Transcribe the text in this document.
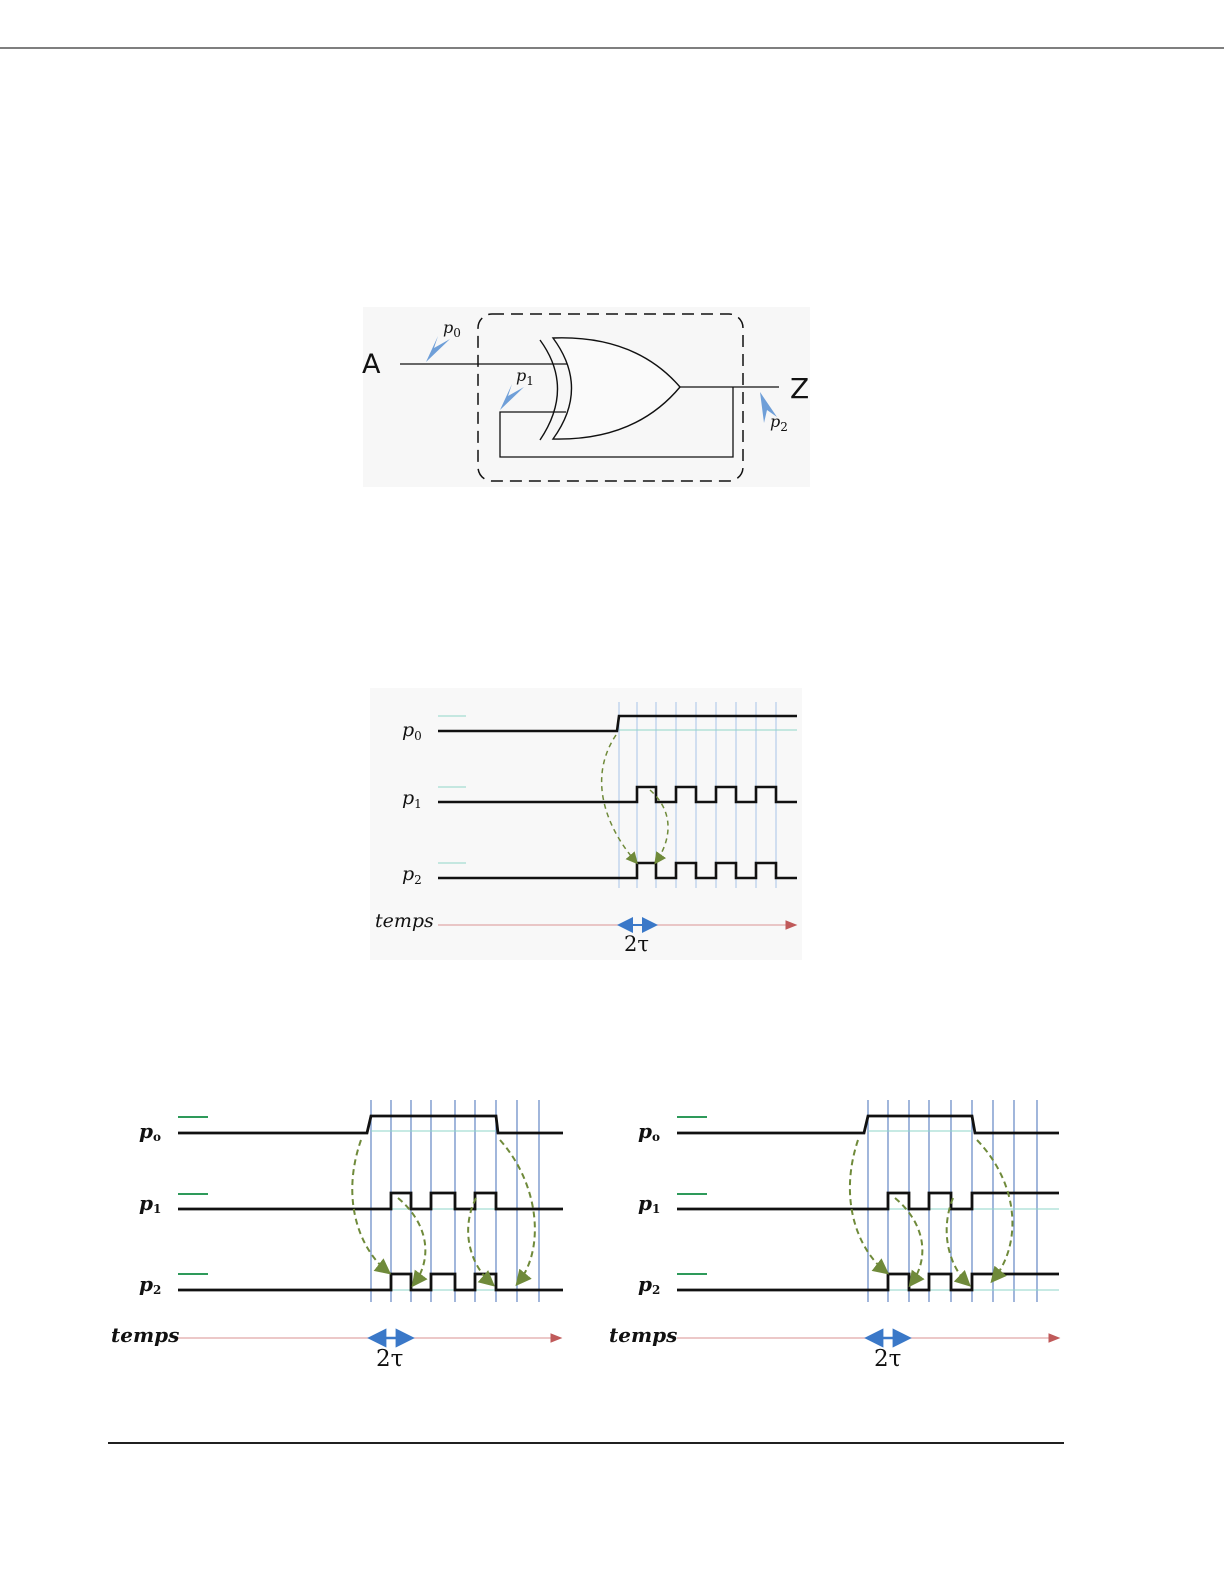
A
Z
$p_0$
$p_1$
$p_2$
$p_0$
$p_1$
$p_2$
temps
2τ
po
p1
p2
temps
2τ
po
p1
p2
temps
2τ
